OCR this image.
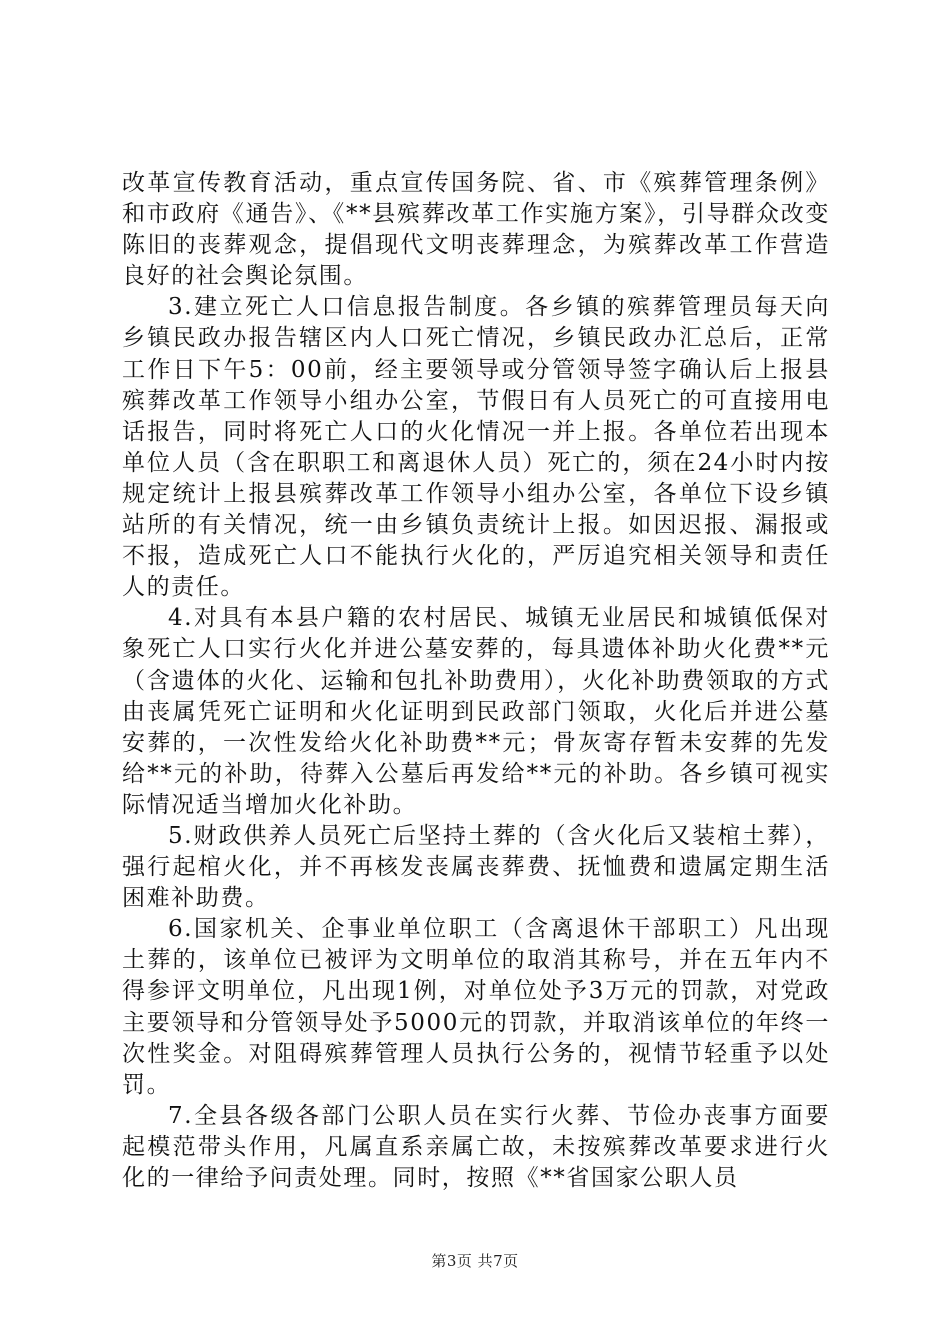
改革宣传教育活动，重点宣传国务院、省、市《殡葬管理条例》和市政府《通告》、《**县殡葬改革工作实施方案》，引导群众改变陈旧的丧葬观念，提倡现代文明丧葬理念，为殡葬改革工作营造良好的社会舆论氛围。

3.建立死亡人口信息报告制度。各乡镇的殡葬管理员每天向乡镇民政办报告辖区内人口死亡情况，乡镇民政办汇总后，正常工作日下午5：00前，经主要领导或分管领导签字确认后上报县殡葬改革工作领导小组办公室，节假日有人员死亡的可直接用电话报告，同时将死亡人口的火化情况一并上报。各单位若出现本单位人员（含在职职工和离退休人员）死亡的，须在24小时内按规定统计上报县殡葬改革工作领导小组办公室，各单位下设乡镇站所的有关情况，统一由乡镇负责统计上报。如因迟报、漏报或不报，造成死亡人口不能执行火化的，严厉追究相关领导和责任人的责任。

4.对具有本县户籍的农村居民、城镇无业居民和城镇低保对象死亡人口实行火化并进公墓安葬的，每具遗体补助火化费**元（含遗体的火化、运输和包扎补助费用），火化补助费领取的方式由丧属凭死亡证明和火化证明到民政部门领取，火化后并进公墓安葬的，一次性发给火化补助费**元；骨灰寄存暂未安葬的先发给**元的补助，待葬入公墓后再发给**元的补助。各乡镇可视实际情况适当增加火化补助。

5.财政供养人员死亡后坚持土葬的（含火化后又装棺土葬），强行起棺火化，并不再核发丧属丧葬费、抚恤费和遗属定期生活困难补助费。

6.国家机关、企事业单位职工（含离退休干部职工）凡出现土葬的，该单位已被评为文明单位的取消其称号，并在五年内不得参评文明单位，凡出现1例，对单位处予3万元的罚款，对党政主要领导和分管领导处予5000元的罚款，并取消该单位的年终一次性奖金。对阻碍殡葬管理人员执行公务的，视情节轻重予以处罚。

7.全县各级各部门公职人员在实行火葬、节俭办丧事方面要起模范带头作用，凡属直系亲属亡故，未按殡葬改革要求进行火化的一律给予问责处理。同时，按照《**省国家公职人员

第3页 共7页
